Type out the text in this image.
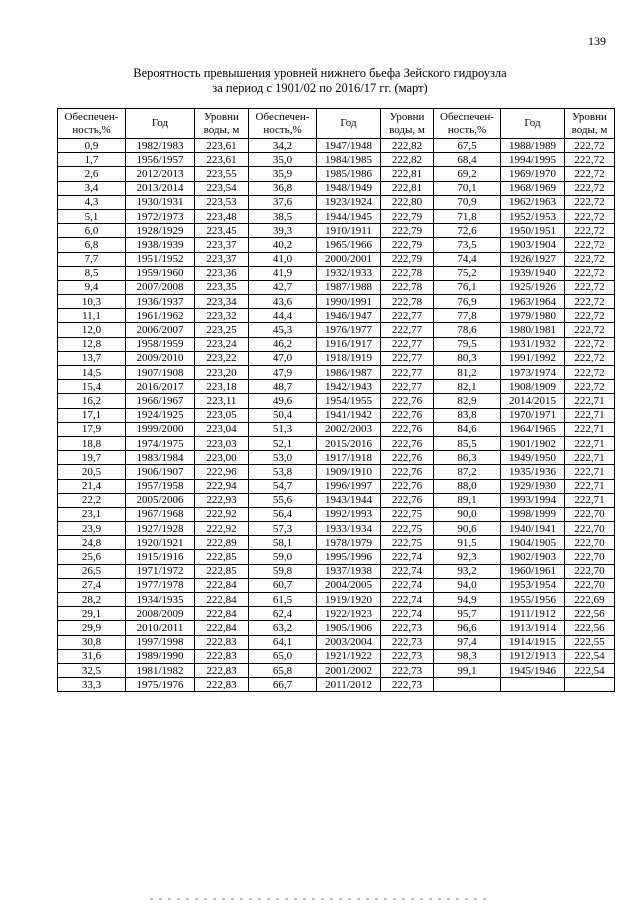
139
Вероятность превышения уровней нижнего бьефа Зейского гидроузла
за период с 1901/02 по 2016/17 гг. (март)
Обеспечен-ность,%	Год	Уровни воды, м	Обеспечен-ность,%	Год	Уровни воды, м	Обеспечен-ность,%	Год	Уровни воды, м
0,9	1982/1983	223,61	34,2	1947/1948	222,82	67,5	1988/1989	222,72
1,7	1956/1957	223,61	35,0	1984/1985	222,82	68,4	1994/1995	222,72
2,6	2012/2013	223,55	35,9	1985/1986	222,81	69,2	1969/1970	222,72
3,4	2013/2014	223,54	36,8	1948/1949	222,81	70,1	1968/1969	222,72
4,3	1930/1931	223,53	37,6	1923/1924	222,80	70,9	1962/1963	222,72
5,1	1972/1973	223,48	38,5	1944/1945	222,79	71,8	1952/1953	222,72
6,0	1928/1929	223,45	39,3	1910/1911	222,79	72,6	1950/1951	222,72
6,8	1938/1939	223,37	40,2	1965/1966	222,79	73,5	1903/1904	222,72
7,7	1951/1952	223,37	41,0	2000/2001	222,79	74,4	1926/1927	222,72
8,5	1959/1960	223,36	41,9	1932/1933	222,78	75,2	1939/1940	222,72
9,4	2007/2008	223,35	42,7	1987/1988	222,78	76,1	1925/1926	222,72
10,3	1936/1937	223,34	43,6	1990/1991	222,78	76,9	1963/1964	222,72
11,1	1961/1962	223,32	44,4	1946/1947	222,77	77,8	1979/1980	222,72
12,0	2006/2007	223,25	45,3	1976/1977	222,77	78,6	1980/1981	222,72
12,8	1958/1959	223,24	46,2	1916/1917	222,77	79,5	1931/1932	222,72
13,7	2009/2010	223,22	47,0	1918/1919	222,77	80,3	1991/1992	222,72
14,5	1907/1908	223,20	47,9	1986/1987	222,77	81,2	1973/1974	222,72
15,4	2016/2017	223,18	48,7	1942/1943	222,77	82,1	1908/1909	222,72
16,2	1966/1967	223,11	49,6	1954/1955	222,76	82,9	2014/2015	222,71
17,1	1924/1925	223,05	50,4	1941/1942	222,76	83,8	1970/1971	222,71
17,9	1999/2000	223,04	51,3	2002/2003	222,76	84,6	1964/1965	222,71
18,8	1974/1975	223,03	52,1	2015/2016	222,76	85,5	1901/1902	222,71
19,7	1983/1984	223,00	53,0	1917/1918	222,76	86,3	1949/1950	222,71
20,5	1906/1907	222,96	53,8	1909/1910	222,76	87,2	1935/1936	222,71
21,4	1957/1958	222,94	54,7	1996/1997	222,76	88,0	1929/1930	222,71
22,2	2005/2006	222,93	55,6	1943/1944	222,76	89,1	1993/1994	222,71
23,1	1967/1968	222,92	56,4	1992/1993	222,75	90,0	1998/1999	222,70
23,9	1927/1928	222,92	57,3	1933/1934	222,75	90,6	1940/1941	222,70
24,8	1920/1921	222,89	58,1	1978/1979	222,75	91,5	1904/1905	222,70
25,6	1915/1916	222,85	59,0	1995/1996	222,74	92,3	1902/1903	222,70
26,5	1971/1972	222,85	59,8	1937/1938	222,74	93,2	1960/1961	222,70
27,4	1977/1978	222,84	60,7	2004/2005	222,74	94,0	1953/1954	222,70
28,2	1934/1935	222,84	61,5	1919/1920	222,74	94,9	1955/1956	222,69
29,1	2008/2009	222,84	62,4	1922/1923	222,74	95,7	1911/1912	222,56
29,9	2010/2011	222,84	63,2	1905/1906	222,73	96,6	1913/1914	222,56
30,8	1997/1998	222,83	64,1	2003/2004	222,73	97,4	1914/1915	222,55
31,6	1989/1990	222,83	65,0	1921/1922	222,73	98,3	1912/1913	222,54
32,5	1981/1982	222,83	65,8	2001/2002	222,73	99,1	1945/1946	222,54
33,3	1975/1976	222,83	66,7	2011/2012	222,73			
